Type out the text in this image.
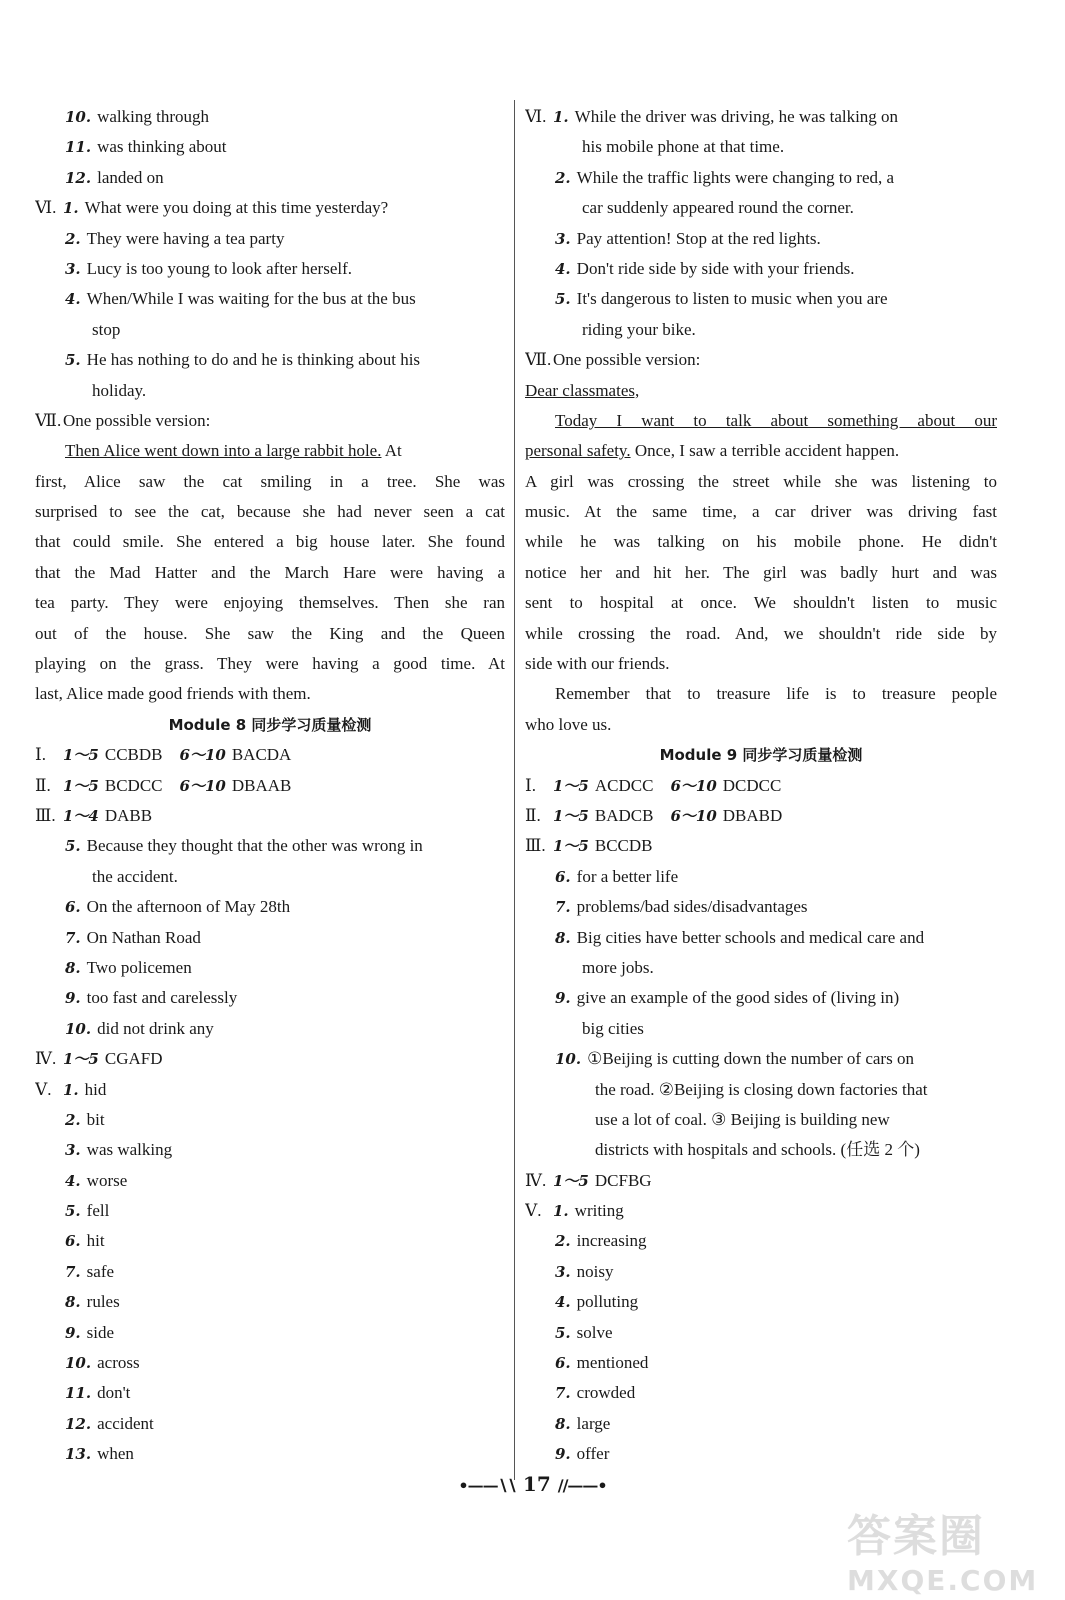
10. walking through
11. was thinking about
12. landed on
Ⅵ. 1. What were you doing at this time yesterday?
2. They were having a tea party
3. Lucy is too young to look after herself.
4. When/While I was waiting for the bus at the bus
stop
5. He has nothing to do and he is thinking about his
holiday.
Ⅶ. One possible version:
Then Alice went down into a large rabbit hole. At
first, Alice saw the cat smiling in a tree. She was
surprised to see the cat, because she had never seen a cat
that could smile. She entered a big house later. She found
that the Mad Hatter and the March Hare were having a
tea party. They were enjoying themselves. Then she ran
out of the house. She saw the King and the Queen
playing on the grass. They were having a good time. At
last, Alice made good friends with them.
Module 8 同步学习质量检测
Ⅰ. 1～5 CCBDB 6～10 BACDA
Ⅱ. 1～5 BCDCC 6～10 DBAAB
Ⅲ. 1～4 DABB
5. Because they thought that the other was wrong in
the accident.
6. On the afternoon of May 28th
7. On Nathan Road
8. Two policemen
9. too fast and carelessly
10. did not drink any
Ⅳ. 1～5 CGAFD
Ⅴ. 1. hid
2. bit
3. was walking
4. worse
5. fell
6. hit
7. safe
8. rules
9. side
10. across
11. don't
12. accident
13. when
Ⅵ. 1. While the driver was driving, he was talking on
his mobile phone at that time.
2. While the traffic lights were changing to red, a
car suddenly appeared round the corner.
3. Pay attention! Stop at the red lights.
4. Don't ride side by side with your friends.
5. It's dangerous to listen to music when you are
riding your bike.
Ⅶ. One possible version:
Dear classmates,
Today I want to talk about something about our
personal safety. Once, I saw a terrible accident happen.
A girl was crossing the street while she was listening to
music. At the same time, a car driver was driving fast
while he was talking on his mobile phone. He didn't
notice her and hit her. The girl was badly hurt and was
sent to hospital at once. We shouldn't listen to music
while crossing the road. And, we shouldn't ride side by
side with our friends.
Remember that to treasure life is to treasure people
who love us.
Module 9 同步学习质量检测
Ⅰ. 1～5 ACDCC 6～10 DCDCC
Ⅱ. 1～5 BADCB 6～10 DBABD
Ⅲ. 1～5 BCCDB
6. for a better life
7. problems/bad sides/disadvantages
8. Big cities have better schools and medical care and
more jobs.
9. give an example of the good sides of (living in)
big cities
10. ①Beijing is cutting down the number of cars on
the road. ②Beijing is closing down factories that
use a lot of coal. ③ Beijing is building new
districts with hospitals and schools. (任选 2 个)
Ⅳ. 1～5 DCFBG
Ⅴ. 1. writing
2. increasing
3. noisy
4. polluting
5. solve
6. mentioned
7. crowded
8. large
9. offer
•——∖∖ 17 ∕∕——•
答案圈
MXQE.COM
